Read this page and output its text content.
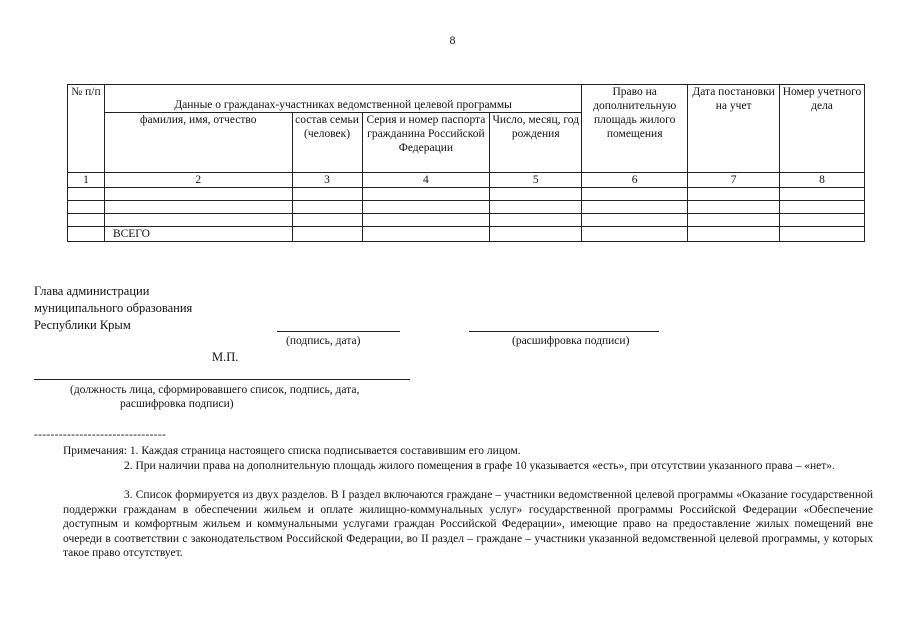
8
№ п/п	Данные о гражданах-участниках ведомственной целевой программы				Право на дополнительную площадь жилого помещения	Дата постановки на учет	Номер учетного дела
	фамилия, имя, отчество	состав семьи (человек)	Серия и номер паспорта гражданина Российской Федерации	Число, месяц, год рождения			
1	2	3	4	5	6	7	8

	ВСЕГО						
Глава администрации
муниципального образования
Республики Крым
(подпись, дата)	(расшифровка подписи)
М.П.
(должность лица, сформировавшего список, подпись, дата,
расшифровка подписи)
--------------------------------
Примечания: 1. Каждая страница настоящего списка подписывается составившим его лицом.
2. При наличии права на дополнительную площадь жилого помещения в графе 10 указывается «есть», при отсутствии указанного права – «нет».
3. Список формируется из двух разделов. В I раздел включаются граждане – участники ведомственной целевой программы «Оказание государственной поддержки гражданам в обеспечении жильем и оплате жилищно-коммунальных услуг» государственной программы Российской Федерации «Обеспечение доступным и комфортным жильем и коммунальными услугами граждан Российской Федерации», имеющие право на предоставление жилых помещений вне очереди в соответствии с законодательством Российской Федерации, во II раздел – граждане – участники указанной ведомственной целевой программы, у которых такое право отсутствует.
